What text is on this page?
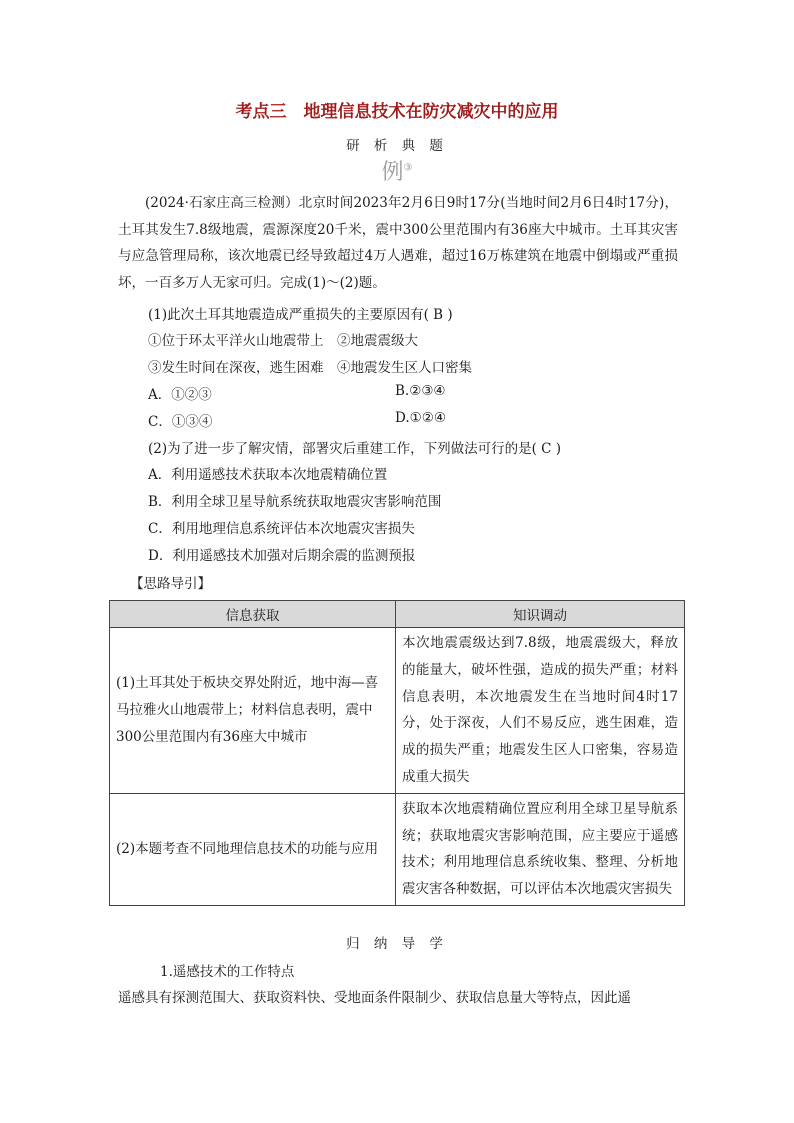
考点三　地理信息技术在防灾减灾中的应用
研 析 典 题
例③
(2024·石家庄高三检测）北京时间2023年2月6日9时17分(当地时间2月6日4时17分)，土耳其发生7.8级地震，震源深度20千米，震中300公里范围内有36座大中城市。土耳其灾害与应急管理局称，该次地震已经导致超过4万人遇难，超过16万栋建筑在地震中倒塌或严重损坏，一百多万人无家可归。完成(1)～(2)题。
(1)此次土耳其地震造成严重损失的主要原因有( B )
①位于环太平洋火山地震带上　②地震震级大
③发生时间在深夜，逃生困难　④地震发生区人口密集
A．①②③	B.②③④
C．①③④	D.①②④
(2)为了进一步了解灾情，部署灾后重建工作，下列做法可行的是( C )
A．利用遥感技术获取本次地震精确位置
B．利用全球卫星导航系统获取地震灾害影响范围
C．利用地理信息系统评估本次地震灾害损失
D．利用遥感技术加强对后期余震的监测预报
【思路导引】
信息获取	知识调动
(1)土耳其处于板块交界处附近，地中海—喜马拉雅火山地震带上；材料信息表明，震中300公里范围内有36座大中城市	本次地震震级达到7.8级，地震震级大，释放的能量大，破坏性强，造成的损失严重；材料信息表明，本次地震发生在当地时间4时17分，处于深夜，人们不易反应，逃生困难，造成的损失严重；地震发生区人口密集，容易造成重大损失
(2)本题考查不同地理信息技术的功能与应用	获取本次地震精确位置应利用全球卫星导航系统；获取地震灾害影响范围，应主要应于遥感技术；利用地理信息系统收集、整理、分析地震灾害各种数据，可以评估本次地震灾害损失
归 纳 导 学
1.遥感技术的工作特点
遥感具有探测范围大、获取资料快、受地面条件限制少、获取信息量大等特点，因此遥
